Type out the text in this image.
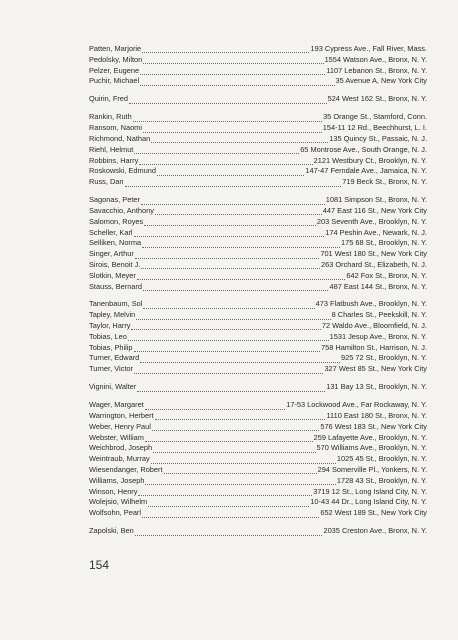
Patten, Marjorie	193 Cypress Ave., Fall River, Mass.
Pedolsky, Milton	1554 Watson Ave., Bronx, N. Y.
Pelzer, Eugene	1107 Lebanon St., Bronx, N. Y.
Puchir, Michael	35 Avenue A, New York City
Quirin, Fred	524 West 162 St., Bronx, N. Y.
Rankin, Ruth	35 Orange St., Stamford, Conn.
Ransom, Naomi	154-11 12 Rd., Beechhurst, L. I.
Richmond, Nathan	135 Quincy St., Passaic, N. J.
Riehl, Helmut	65 Montrose Ave., South Orange, N. J.
Robbins, Harry	2121 Westbury Ct., Brooklyn, N. Y.
Roskowski, Edmund	147-47 Ferndale Ave., Jamaica, N. Y.
Russ, Dan	719 Beck St., Bronx, N. Y.
Sagonas, Peter	1081 Simpson St., Bronx, N. Y.
Savacchio, Anthony	447 East 116 St., New York City
Salomon, Royes	203 Seventh Ave., Brooklyn, N. Y.
Scheller, Karl	174 Peshin Ave., Newark, N. J.
Selliken, Norma	175 68 St., Brooklyn, N. Y.
Singer, Arthur	701 West 180 St., New York City
Sirois, Benoit J.	263 Orchard St., Elizabeth, N. J.
Slotkin, Meyer	642 Fox St., Bronx, N. Y.
Stauss, Bernard	487 East 144 St., Bronx, N. Y.
Tanenbaum, Sol	473 Flatbush Ave., Brooklyn, N. Y.
Tapley, Melvin	8 Charles St., Peekskill, N. Y.
Taylor, Harry	72 Waldo Ave., Bloomfield, N. J.
Tobias, Leo	1531 Jesup Ave., Bronx, N. Y.
Tobias, Philip	758 Hamilton St., Harrison, N. J.
Turner, Edward	925 72 St., Brooklyn, N. Y.
Turner, Victor	327 West 85 St., New York City
Vignini, Walter	131 Bay 13 St., Brooklyn, N. Y.
Wager, Margaret	17-53 Lockwood Ave., Far Rockaway, N. Y.
Warrington, Herbert	1110 East 180 St., Bronx, N. Y.
Weber, Henry Paul	576 West 183 St., New York City
Webster, William	259 Lafayette Ave., Brooklyn, N. Y.
Weichbrod, Joseph	570 Williams Ave., Brooklyn, N. Y.
Weintraub, Murray	1025 45 St., Brooklyn, N. Y.
Wiesendanger, Robert	294 Somerville Pl., Yonkers, N. Y.
Williams, Joseph	1728 43 St., Brooklyn, N. Y.
Winson, Henry	3719 12 St., Long Island City, N. Y.
Wolejsio, Wilhelm	10-43 44 Dr., Long Island City, N. Y.
Wolfsohn, Pearl	652 West 189 St., New York City
Zapolski, Ben	2035 Creston Ave., Bronx, N. Y.
154
